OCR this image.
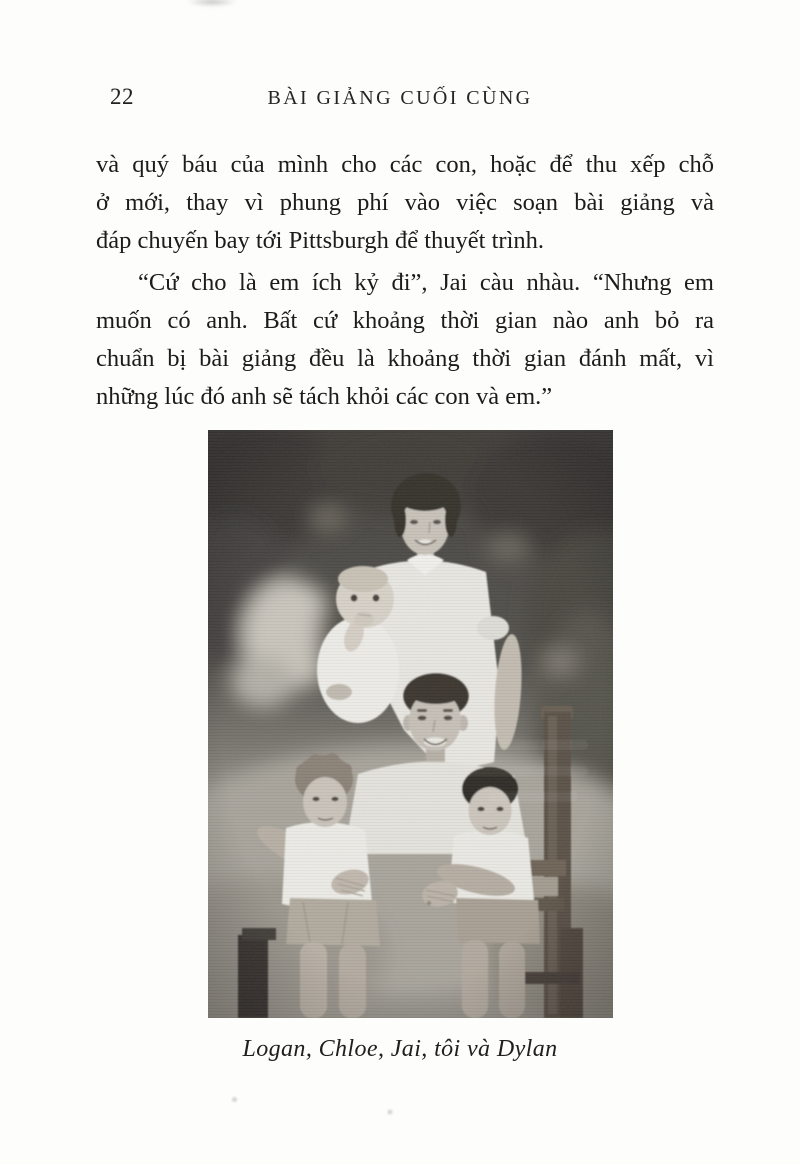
22	BÀI GIẢNG CUỐI CÙNG
và quý báu của mình cho các con, hoặc để thu xếp chỗ
ở mới, thay vì phung phí vào việc soạn bài giảng và
đáp chuyến bay tới Pittsburgh để thuyết trình.
“Cứ cho là em ích kỷ đi”, Jai càu nhàu. “Nhưng em
muốn có anh. Bất cứ khoảng thời gian nào anh bỏ ra
chuẩn bị bài giảng đều là khoảng thời gian đánh mất, vì
những lúc đó anh sẽ tách khỏi các con và em.”
Logan, Chloe, Jai, tôi và Dylan
